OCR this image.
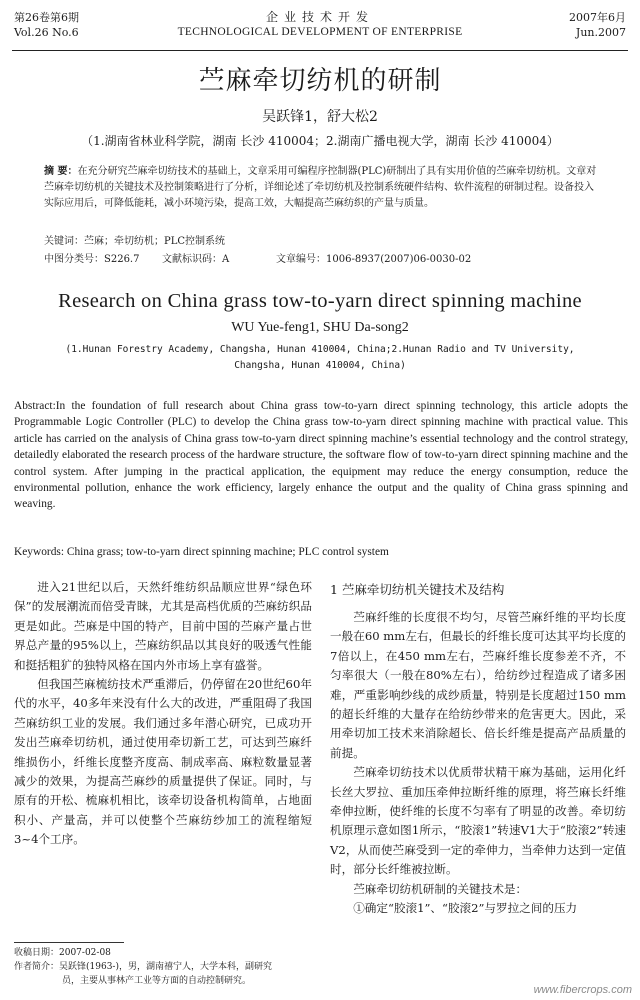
第26卷第6期
Vol.26 No.6
企业技术开发
TECHNOLOGICAL DEVELOPMENT OF ENTERPRISE
2007年6月
Jun.2007
苎麻牵切纺机的研制
吴跃锋1，舒大松2
（1.湖南省林业科学院，湖南 长沙 410004；2.湖南广播电视大学，湖南 长沙 410004）
摘 要：在充分研究苎麻牵切纺技术的基础上，文章采用可编程序控制器(PLC)研制出了具有实用价值的苎麻牵切纺机。文章对苎麻牵切纺机的关键技术及控制策略进行了分析，详细论述了牵切纺机及控制系统硬件结构、软件流程的研制过程。设备投入实际应用后，可降低能耗，减小环境污染，提高工效，大幅提高苎麻纺织的产量与质量。
关键词：苎麻；牵切纺机；PLC控制系统
中图分类号：S226.7 文献标识码：A	文章编号：1006-8937(2007)06-0030-02
Research on China grass tow-to-yarn direct spinning machine
WU Yue-feng1, SHU Da-song2
(1.Hunan Forestry Academy, Changsha, Hunan 410004, China;2.Hunan Radio and TV University,
Changsha, Hunan 410004, China)
Abstract:In the foundation of full research about China grass tow-to-yarn direct spinning technology, this article adopts the Programmable Logic Controller (PLC) to develop the China grass tow-to-yarn direct spinning machine with practical value. This article has carried on the analysis of China grass tow-to-yarn direct spinning machine’s essential technology and the control strategy, detailedly elaborated the research process of the hardware structure, the software flow of tow-to-yarn direct spinning machine and the control system. After jumping in the practical application, the equipment may reduce the energy consumption, reduce the environmental pollution, enhance the work efficiency, largely enhance the output and the quality of China grass spinning and weaving.
Keywords: China grass; tow-to-yarn direct spinning machine; PLC control system

进入21世纪以后，天然纤维纺织品顺应世界“绿色环保”的发展潮流而倍受青睐，尤其是高档优质的苎麻纺织品更是如此。苎麻是中国的特产，目前中国的苎麻产量占世界总产量的95%以上，苎麻纺织品以其良好的吸透气性能和挺括粗犷的独特风格在国内外市场上享有盛誉。

但我国苎麻梳纺技术严重滞后，仍停留在20世纪60年代的水平，40多年来没有什么大的改进，严重阻碍了我国苎麻纺织工业的发展。我们通过多年潜心研究，已成功开发出苎麻牵切纺机，通过使用牵切新工艺，可达到苎麻纤维损伤小，纤维长度整齐度高、制成率高、麻粒数量显著减少的效果，为提高苎麻纱的质量提供了保证。同时，与原有的开松、梳麻机相比，该牵切设备机构简单，占地面积小、产量高，并可以使整个苎麻纺纱加工的流程缩短3~4个工序。

1 苎麻牵切纺机关键技术及结构

苎麻纤维的长度很不均匀，尽管苎麻纤维的平均长度一般在60 mm左右，但最长的纤维长度可达其平均长度的7倍以上，在450 mm左右，苎麻纤维长度参差不齐，不匀率很大（一般在80%左右），给纺纱过程造成了诸多困难，严重影响纱线的成纱质量，特别是长度超过150 mm的超长纤维的大量存在给纺纱带来的危害更大。因此，采用牵切加工技术来消除超长、倍长纤维是提高产品质量的前提。

苎麻牵切纺技术以优质带状精干麻为基础，运用化纤长丝大罗拉、重加压牵伸拉断纤维的原理，将苎麻长纤维牵伸拉断，使纤维的长度不匀率有了明显的改善。牵切纺机原理示意如图1所示，“胶滚1”转速V1大于“胶滚2”转速V2，从而使苎麻受到一定的牵伸力，当牵伸力达到一定值时，部分长纤维被拉断。

苎麻牵切纺机研制的关键技术是：

①确定“胶滚1”、“胶滚2”与罗拉之间的压力

收稿日期：2007-02-08
作者简介：吴跃锋(1963-)，男，湖南禧宁人，大学本科，副研究
员，主要从事林产工业等方面的自动控制研究。
www.fibercrops.com
